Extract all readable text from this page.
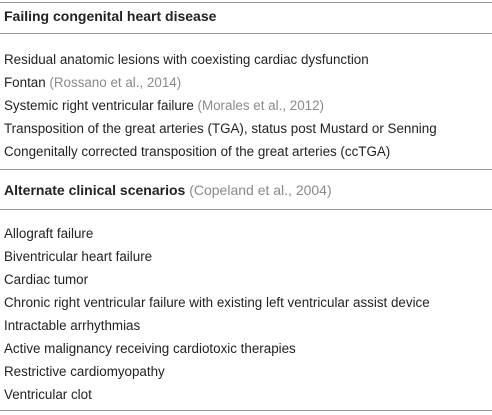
Failing congenital heart disease
Residual anatomic lesions with coexisting cardiac dysfunction
Fontan (Rossano et al., 2014)
Systemic right ventricular failure (Morales et al., 2012)
Transposition of the great arteries (TGA), status post Mustard or Senning
Congenitally corrected transposition of the great arteries (ccTGA)
Alternate clinical scenarios (Copeland et al., 2004)
Allograft failure
Biventricular heart failure
Cardiac tumor
Chronic right ventricular failure with existing left ventricular assist device
Intractable arrhythmias
Active malignancy receiving cardiotoxic therapies
Restrictive cardiomyopathy
Ventricular clot
